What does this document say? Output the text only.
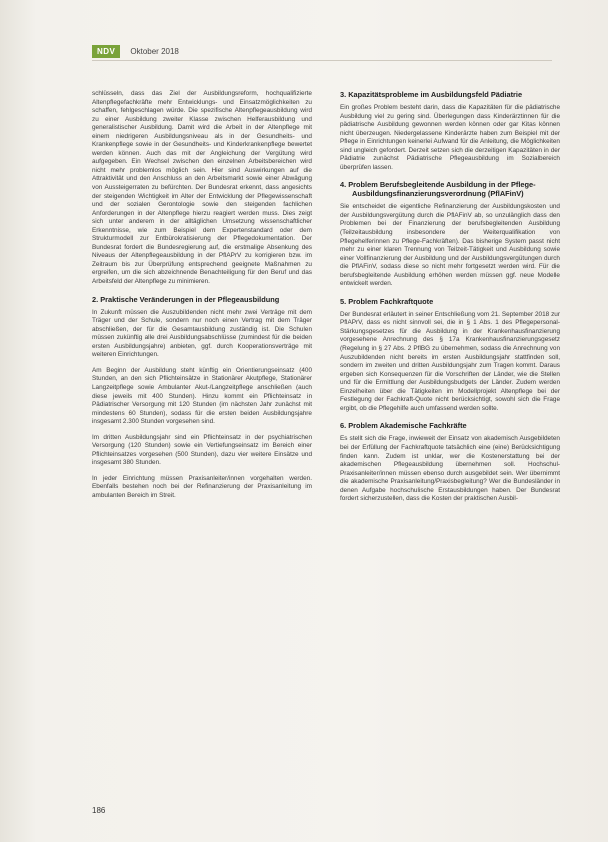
NDV	Oktober 2018

schlüsseln, dass das Ziel der Ausbildungsreform, hochqualifizierte Altenpflegefachkräfte mehr Entwicklungs- und Einsatzmöglichkeiten zu schaffen, fehlgeschlagen würde. Die spezifische Altenpflegeausbildung wird zu einer Ausbildung zweiter Klasse zwischen Helferausbildung und generalistischer Ausbildung. Damit wird die Arbeit in der Altenpflege mit einem niedrigeren Ausbildungsniveau als in der Gesundheits- und Krankenpflege sowie in der Gesundheits- und Kinderkrankenpflege bewertet werden können. Auch das mit der Angleichung der Vergütung wird aufgegeben. Ein Wechsel zwischen den einzelnen Arbeitsbereichen wird nicht mehr problemlos möglich sein. Hier sind Auswirkungen auf die Attraktivität und den Anschluss an den Arbeitsmarkt sowie einer Abwägung von Aussteigerraten zu befürchten. Der Bundesrat erkennt, dass angesichts der steigenden Wichtigkeit im Alter der Entwicklung der Pflegewissenschaft und der sozialen Gerontologie sowie den steigenden fachlichen Anforderungen in der Altenpflege hierzu reagiert werden muss. Dies zeigt sich unter anderem in der alltäglichen Umsetzung wissenschaftlicher Erkenntnisse, wie zum Beispiel dem Expertenstandard oder dem Strukturmodell zur Entbürokratisierung der Pflegedokumentation. Der Bundesrat fordert die Bundesregierung auf, die erstmalige Absenkung des Niveaus der Altenpflegeausbildung in der PflAPrV zu korrigieren bzw. im Zeitraum bis zur Überprüfung entsprechend geeignete Maßnahmen zu ergreifen, um die sich abzeichnende Benachteiligung für den Beruf und das Arbeitsfeld der Altenpflege zu minimieren.

2. Praktische Veränderungen in der Pflegeausbildung

In Zukunft müssen die Auszubildenden nicht mehr zwei Verträge mit dem Träger und der Schule, sondern nur noch einen Vertrag mit dem Träger abschließen, der für die Gesamtausbildung zuständig ist. Die Schulen müssen zukünftig alle drei Ausbildungsabschlüsse (zumindest für die beiden ersten Ausbildungsjahre) anbieten, ggf. durch Kooperationsverträge mit weiteren Einrichtungen.

Am Beginn der Ausbildung steht künftig ein Orientierungseinsatz (400 Stunden, an den sich Pflichteinsätze in Stationärer Akutpflege, Stationärer Langzeitpflege sowie Ambulanter Akut-/Langzeitpflege anschließen (auch diese jeweils mit 400 Stunden). Hinzu kommt ein Pflichteinsatz in Pädiatrischer Versorgung mit 120 Stunden (im nächsten Jahr zunächst mit mindestens 60 Stunden), sodass für die ersten beiden Ausbildungsjahre insgesamt 2.300 Stunden vorgesehen sind.

Im dritten Ausbildungsjahr sind ein Pflichteinsatz in der psychiatrischen Versorgung (120 Stunden) sowie ein Vertiefungseinsatz im Bereich einer Pflichteinsatzes vorgesehen (500 Stunden), dazu vier weitere Einsätze und insgesamt 380 Stunden.

In jeder Einrichtung müssen Praxisanleiter/innen vorgehalten werden. Ebenfalls bestehen noch bei der Refinanzierung der Praxisanleitung im ambulanten Bereich im Streit.

3. Kapazitätsprobleme im Ausbildungsfeld Pädiatrie

Ein großes Problem besteht darin, dass die Kapazitäten für die pädiatrische Ausbildung viel zu gering sind. Überlegungen dass Kinderärztinnen für die pädiatrische Ausbildung gewonnen werden können oder gar Kitas können nicht überzeugen. Niedergelassene Kinderärzte haben zum Beispiel mit der Pflege in Einrichtungen keinerlei Aufwand für die Anleitung, die Möglichkeiten sind ungleich gefordert. Derzeit setzen sich die derzeitigen Kapazitäten in der Pädiatrie zunächst Pädiatrische Pflegeausbildung im Sozialbereich überprüfen lassen.

4. Problem Berufsbegleitende Ausbildung in der Pflege-Ausbildungsfinanzierungsverordnung (PflAFinV)

Sie entscheidet die eigentliche Refinanzierung der Ausbildungskosten und der Ausbildungsvergütung durch die PflAFinV ab, so unzulänglich dass den Problemen bei der Finanzierung der berufsbegleitenden Ausbildung (Teilzeitausbildung insbesondere der Weiterqualifikation von Pflegehelferinnen zu Pflege-Fachkräften). Das bisherige System passt nicht mehr zu einer klaren Trennung von Teilzeit-Tätigkeit und Ausbildung sowie einer Vollfinanzierung der Ausbildung und der Ausbildungsvergütungen durch die PflAFinV, sodass diese so nicht mehr fortgesetzt werden wird. Für die berufsbegleitende Ausbildung erhöhen werden müssen ggf. neue Modelle entwickelt werden.

5. Problem Fachkraftquote

Der Bundesrat erläutert in seiner Entschließung vom 21. September 2018 zur PflAPrV, dass es nicht sinnvoll sei, die in § 1 Abs. 1 des Pflegepersonal-Stärkungsgesetzes für die Ausbildung in der Krankenhausfinanzierung vorgesehene Anrechnung des § 17a Krankenhausfinanzierungsgesetz (Regelung in § 27 Abs. 2 PflBG zu übernehmen, sodass die Anrechnung von Auszubildenden nicht bereits im ersten Ausbildungsjahr stattfinden soll, sondern im zweiten und dritten Ausbildungsjahr zum Tragen kommt. Daraus ergeben sich Konsequenzen für die Vorschriften der Länder, wie die Stellen und für die Ermittlung der Ausbildungsbudgets der Länder. Zudem werden Einzelheiten über die Tätigkeiten im Modellprojekt Altenpflege bei der Festlegung der Fachkraft-Quote nicht berücksichtigt, sowohl sich die Frage ergibt, ob die Pflegehilfe auch umfassend werden sollte.

6. Problem Akademische Fachkräfte

Es stellt sich die Frage, inwieweit der Einsatz von akademisch Ausgebildeten bei der Erfüllung der Fachkraftquote tatsächlich eine (eine) Berücksichtigung finden kann. Zudem ist unklar, wer die Kostenerstattung bei der akademischen Pflegeausbildung übernehmen soll. Hochschul-Praxisanleiter/innen müssen ebenso durch ausgebildet sein. Wer übernimmt die akademische Praxisanleitung/Praxisbegleitung? Wer die Bundesländer in denen Aufgabe hochschulische Erstausbildungen haben. Der Bundesrat fordert sicherzustellen, dass die Kosten der praktischen Ausbil-

186
